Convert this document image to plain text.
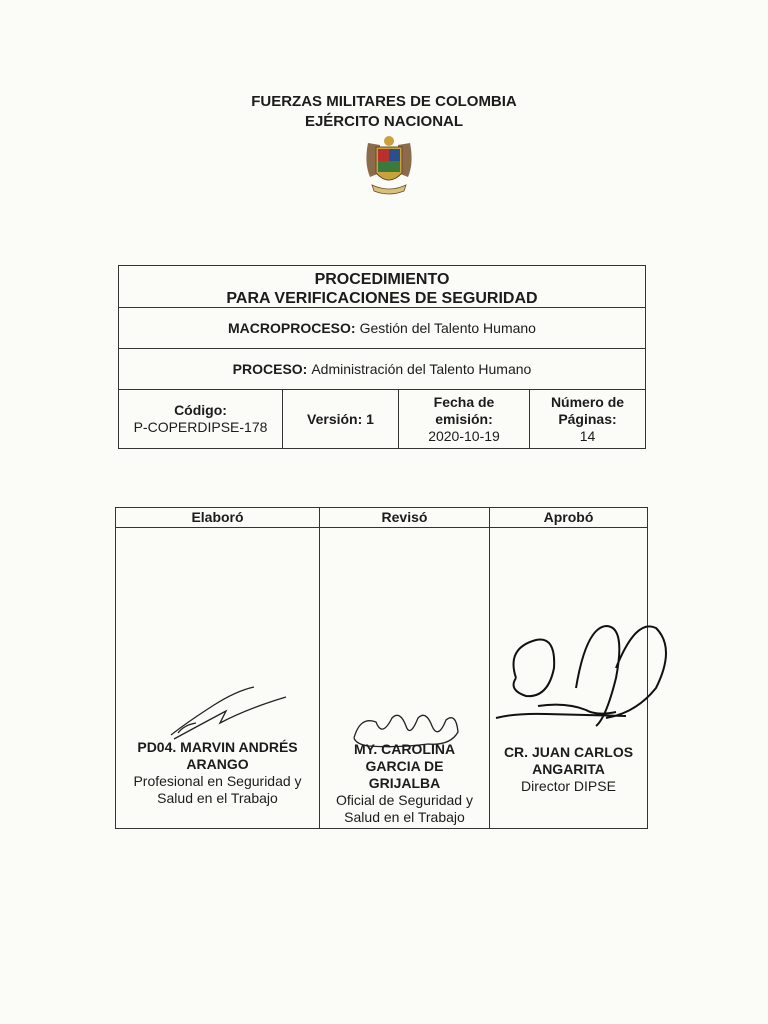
FUERZAS MILITARES DE COLOMBIA
EJÉRCITO NACIONAL
PROCEDIMIENTO
PARA VERIFICACIONES DE SEGURIDAD
MACROPROCESO: Gestión del Talento Humano
PROCESO: Administración del Talento Humano
Código:
P-COPERDIPSE-178
Versión: 1
Fecha de
emisión:
2020-10-19
Número de
Páginas:
14
Elaboró
PD04. MARVIN ANDRÉS
ARANGO
Profesional en Seguridad y
Salud en el Trabajo
Revisó
MY. CAROLINA
GARCIA DE
GRIJALBA
Oficial de Seguridad y
Salud en el Trabajo
Aprobó
CR. JUAN CARLOS
ANGARITA
Director DIPSE
